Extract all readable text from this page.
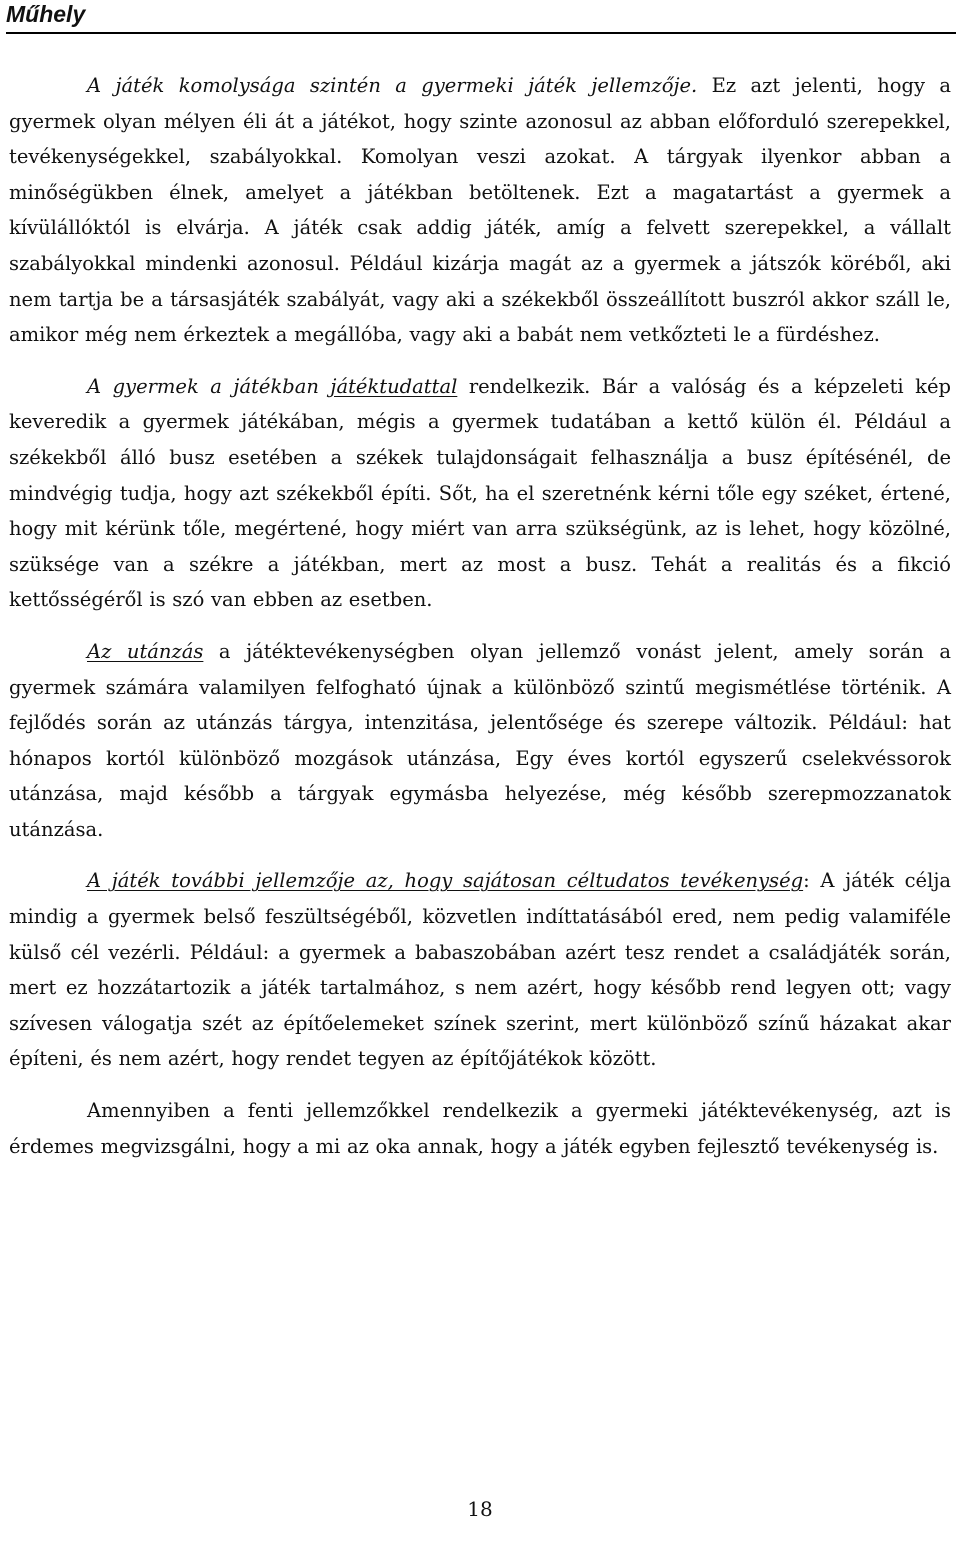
Műhely

A játék komolysága szintén a gyermeki játék jellemzője. Ez azt jelenti, hogy a gyermek olyan mélyen éli át a játékot, hogy szinte azonosul az abban előforduló szerepekkel, tevékenységekkel, szabályokkal. Komolyan veszi azokat. A tárgyak ilyenkor abban a minőségükben élnek, amelyet a játékban betöltenek. Ezt a magatartást a gyermek a kívülállóktól is elvárja. A játék csak addig játék, amíg a felvett szerepekkel, a vállalt szabályokkal mindenki azonosul. Például kizárja magát az a gyermek a játszók köréből, aki nem tartja be a társasjáték szabályát, vagy aki a székekből összeállított buszról akkor száll le, amikor még nem érkeztek a megállóba, vagy aki a babát nem vetkőzteti le a fürdéshez.

A gyermek a játékban játéktudattal rendelkezik. Bár a valóság és a képzeleti kép keveredik a gyermek játékában, mégis a gyermek tudatában a kettő külön él. Például a székekből álló busz esetében a székek tulajdonságait felhasználja a busz építésénél, de mindvégig tudja, hogy azt székekből építi. Sőt, ha el szeretnénk kérni tőle egy széket, értené, hogy mit kérünk tőle, megértené, hogy miért van arra szükségünk, az is lehet, hogy közölné, szüksége van a székre a játékban, mert az most a busz. Tehát a realitás és a fikció kettősségéről is szó van ebben az esetben.

Az utánzás a játéktevékenységben olyan jellemző vonást jelent, amely során a gyermek számára valamilyen felfogható újnak a különböző szintű megismétlése történik. A fejlődés során az utánzás tárgya, intenzitása, jelentősége és szerepe változik. Például: hat hónapos kortól különböző mozgások utánzása, Egy éves kortól egyszerű cselekvéssorok utánzása, majd később a tárgyak egymásba helyezése, még később szerepmozzanatok utánzása.

A játék további jellemzője az, hogy sajátosan céltudatos tevékenység: A játék célja mindig a gyermek belső feszültségéből, közvetlen indíttatásából ered, nem pedig valamiféle külső cél vezérli. Például: a gyermek a babaszobában azért tesz rendet a családjáték során, mert ez hozzátartozik a játék tartalmához, s nem azért, hogy később rend legyen ott; vagy szívesen válogatja szét az építőelemeket színek szerint, mert különböző színű házakat akar építeni, és nem azért, hogy rendet tegyen az építőjátékok között.

Amennyiben a fenti jellemzőkkel rendelkezik a gyermeki játéktevékenység, azt is érdemes megvizsgálni, hogy a mi az oka annak, hogy a játék egyben fejlesztő tevékenység is.

18
